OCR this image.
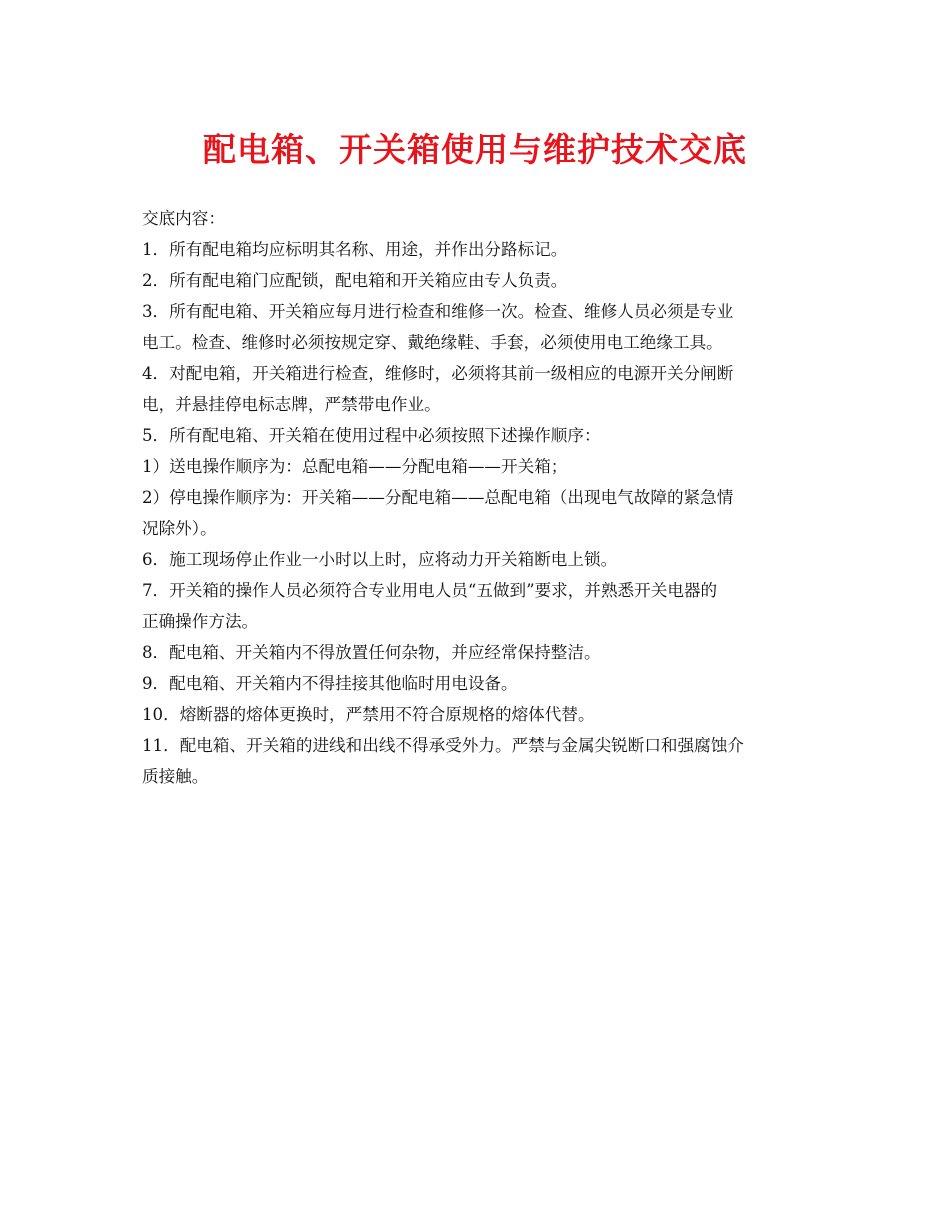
配电箱、开关箱使用与维护技术交底

交底内容：

1．所有配电箱均应标明其名称、用途，并作出分路标记。

2．所有配电箱门应配锁，配电箱和开关箱应由专人负责。

3．所有配电箱、开关箱应每月进行检查和维修一次。检查、维修人员必须是专业

电工。检查、维修时必须按规定穿、戴绝缘鞋、手套，必须使用电工绝缘工具。

4．对配电箱，开关箱进行检查，维修时，必须将其前一级相应的电源开关分闸断

电，并悬挂停电标志牌，严禁带电作业。

5．所有配电箱、开关箱在使用过程中必须按照下述操作顺序：

1）送电操作顺序为：总配电箱——分配电箱——开关箱；

2）停电操作顺序为：开关箱——分配电箱——总配电箱（出现电气故障的紧急情

况除外）。

6．施工现场停止作业一小时以上时，应将动力开关箱断电上锁。

7．开关箱的操作人员必须符合专业用电人员“五做到”要求，并熟悉开关电器的

正确操作方法。

8．配电箱、开关箱内不得放置任何杂物，并应经常保持整洁。

9．配电箱、开关箱内不得挂接其他临时用电设备。

10．熔断器的熔体更换时，严禁用不符合原规格的熔体代替。

11．配电箱、开关箱的进线和出线不得承受外力。严禁与金属尖锐断口和强腐蚀介

质接触。
